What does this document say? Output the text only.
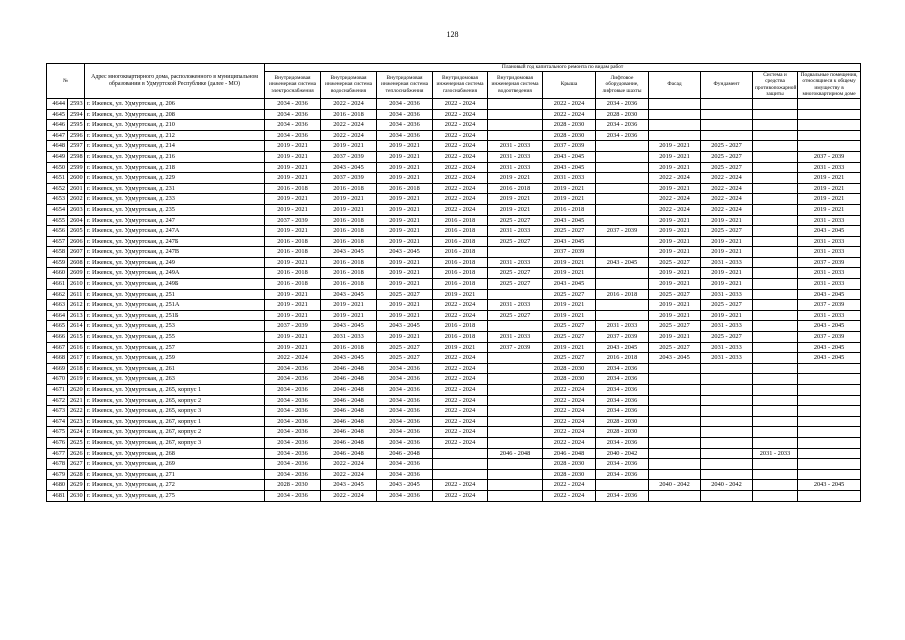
128
№		Адрес многоквартирного дома, расположенного в муниципальном образовании в Удмуртской Республике (далее - МО)	Плановый год капитального ремонта по видам работ										
			Внутридомовая инженерная система электроснабжения	Внутридомовая инженерная система водоснабжения	Внутридомовая инженерная система теплоснабжения	Внутридомовая инженерная система газоснабжения	Внутридомовая инженерная система водоотведения	Крыша	Лифтовое оборудование, лифтовые шахты	Фасад	Фундамент	Система и средства противопожарной защиты	Подвальные помещения, относящиеся к общему имуществу в многоквартирном доме
4644	2593	г. Ижевск, ул. Удмуртская, д. 206	2034 - 2036	2022 - 2024	2034 - 2036	2022 - 2024		2022 - 2024	2034 - 2036				
4645	2594	г. Ижевск, ул. Удмуртская, д. 208	2034 - 2036	2016 - 2018	2034 - 2036	2022 - 2024		2022 - 2024	2028 - 2030				
4646	2595	г. Ижевск, ул. Удмуртская, д. 210	2034 - 2036	2022 - 2024	2034 - 2036	2022 - 2024		2028 - 2030	2034 - 2036				
4647	2596	г. Ижевск, ул. Удмуртская, д. 212	2034 - 2036	2022 - 2024	2034 - 2036	2022 - 2024		2028 - 2030	2034 - 2036				
4648	2597	г. Ижевск, ул. Удмуртская, д. 214	2019 - 2021	2019 - 2021	2019 - 2021	2022 - 2024	2031 - 2033	2037 - 2039		2019 - 2021	2025 - 2027		
4649	2598	г. Ижевск, ул. Удмуртская, д. 216	2019 - 2021	2037 - 2039	2019 - 2021	2022 - 2024	2031 - 2033	2043 - 2045		2019 - 2021	2025 - 2027		2037 - 2039
4650	2599	г. Ижевск, ул. Удмуртская, д. 218	2019 - 2021	2043 - 2045	2019 - 2021	2022 - 2024	2031 - 2033	2043 - 2045		2019 - 2021	2025 - 2027		2031 - 2033
4651	2600	г. Ижевск, ул. Удмуртская, д. 229	2019 - 2021	2037 - 2039	2019 - 2021	2022 - 2024	2019 - 2021	2031 - 2033		2022 - 2024	2022 - 2024		2019 - 2021
4652	2601	г. Ижевск, ул. Удмуртская, д. 231	2016 - 2018	2016 - 2018	2016 - 2018	2022 - 2024	2016 - 2018	2019 - 2021		2019 - 2021	2022 - 2024		2019 - 2021
4653	2602	г. Ижевск, ул. Удмуртская, д. 233	2019 - 2021	2019 - 2021	2019 - 2021	2022 - 2024	2019 - 2021	2019 - 2021		2022 - 2024	2022 - 2024		2019 - 2021
4654	2603	г. Ижевск, ул. Удмуртская, д. 235	2019 - 2021	2019 - 2021	2019 - 2021	2022 - 2024	2019 - 2021	2016 - 2018		2022 - 2024	2022 - 2024		2019 - 2021
4655	2604	г. Ижевск, ул. Удмуртская, д. 247	2037 - 2039	2016 - 2018	2019 - 2021	2016 - 2018	2025 - 2027	2043 - 2045		2019 - 2021	2019 - 2021		2031 - 2033
4656	2605	г. Ижевск, ул. Удмуртская, д. 247А	2019 - 2021	2016 - 2018	2019 - 2021	2016 - 2018	2031 - 2033	2025 - 2027	2037 - 2039	2019 - 2021	2025 - 2027		2043 - 2045
4657	2606	г. Ижевск, ул. Удмуртская, д. 247Б	2016 - 2018	2016 - 2018	2019 - 2021	2016 - 2018	2025 - 2027	2043 - 2045		2019 - 2021	2019 - 2021		2031 - 2033
4658	2607	г. Ижевск, ул. Удмуртская, д. 247В	2016 - 2018	2043 - 2045	2043 - 2045	2016 - 2018		2037 - 2039		2019 - 2021	2019 - 2021		2031 - 2033
4659	2608	г. Ижевск, ул. Удмуртская, д. 249	2019 - 2021	2016 - 2018	2019 - 2021	2016 - 2018	2031 - 2033	2019 - 2021	2043 - 2045	2025 - 2027	2031 - 2033		2037 - 2039
4660	2609	г. Ижевск, ул. Удмуртская, д. 249А	2016 - 2018	2016 - 2018	2019 - 2021	2016 - 2018	2025 - 2027	2019 - 2021		2019 - 2021	2019 - 2021		2031 - 2033
4661	2610	г. Ижевск, ул. Удмуртская, д. 249Б	2016 - 2018	2016 - 2018	2019 - 2021	2016 - 2018	2025 - 2027	2043 - 2045		2019 - 2021	2019 - 2021		2031 - 2033
4662	2611	г. Ижевск, ул. Удмуртская, д. 251	2019 - 2021	2043 - 2045	2025 - 2027	2019 - 2021		2025 - 2027	2016 - 2018	2025 - 2027	2031 - 2033		2043 - 2045
4663	2612	г. Ижевск, ул. Удмуртская, д. 251А	2019 - 2021	2019 - 2021	2019 - 2021	2022 - 2024	2031 - 2033	2019 - 2021		2019 - 2021	2025 - 2027		2037 - 2039
4664	2613	г. Ижевск, ул. Удмуртская, д. 251Б	2019 - 2021	2019 - 2021	2019 - 2021	2022 - 2024	2025 - 2027	2019 - 2021		2019 - 2021	2019 - 2021		2031 - 2033
4665	2614	г. Ижевск, ул. Удмуртская, д. 253	2037 - 2039	2043 - 2045	2043 - 2045	2016 - 2018		2025 - 2027	2031 - 2033	2025 - 2027	2031 - 2033		2043 - 2045
4666	2615	г. Ижевск, ул. Удмуртская, д. 255	2019 - 2021	2031 - 2033	2019 - 2021	2016 - 2018	2031 - 2033	2025 - 2027	2037 - 2039	2019 - 2021	2025 - 2027		2037 - 2039
4667	2616	г. Ижевск, ул. Удмуртская, д. 257	2019 - 2021	2016 - 2018	2025 - 2027	2019 - 2021	2037 - 2039	2019 - 2021	2043 - 2045	2025 - 2027	2031 - 2033		2043 - 2045
4668	2617	г. Ижевск, ул. Удмуртская, д. 259	2022 - 2024	2043 - 2045	2025 - 2027	2022 - 2024		2025 - 2027	2016 - 2018	2043 - 2045	2031 - 2033		2043 - 2045
4669	2618	г. Ижевск, ул. Удмуртская, д. 261	2034 - 2036	2046 - 2048	2034 - 2036	2022 - 2024		2028 - 2030	2034 - 2036				
4670	2619	г. Ижевск, ул. Удмуртская, д. 263	2034 - 2036	2046 - 2048	2034 - 2036	2022 - 2024		2028 - 2030	2034 - 2036				
4671	2620	г. Ижевск, ул. Удмуртская, д. 265, корпус 1	2034 - 2036	2046 - 2048	2034 - 2036	2022 - 2024		2022 - 2024	2034 - 2036				
4672	2621	г. Ижевск, ул. Удмуртская, д. 265, корпус 2	2034 - 2036	2046 - 2048	2034 - 2036	2022 - 2024		2022 - 2024	2034 - 2036				
4673	2622	г. Ижевск, ул. Удмуртская, д. 265, корпус 3	2034 - 2036	2046 - 2048	2034 - 2036	2022 - 2024		2022 - 2024	2034 - 2036				
4674	2623	г. Ижевск, ул. Удмуртская, д. 267, корпус 1	2034 - 2036	2046 - 2048	2034 - 2036	2022 - 2024		2022 - 2024	2028 - 2030				
4675	2624	г. Ижевск, ул. Удмуртская, д. 267, корпус 2	2034 - 2036	2046 - 2048	2034 - 2036	2022 - 2024		2022 - 2024	2028 - 2030				
4676	2625	г. Ижевск, ул. Удмуртская, д. 267, корпус 3	2034 - 2036	2046 - 2048	2034 - 2036	2022 - 2024		2022 - 2024	2034 - 2036				
4677	2626	г. Ижевск, ул. Удмуртская, д. 268	2034 - 2036	2046 - 2048	2046 - 2048		2046 - 2048	2046 - 2048	2040 - 2042			2031 - 2033	
4678	2627	г. Ижевск, ул. Удмуртская, д. 269	2034 - 2036	2022 - 2024	2034 - 2036			2028 - 2030	2034 - 2036				
4679	2628	г. Ижевск, ул. Удмуртская, д. 271	2034 - 2036	2022 - 2024	2034 - 2036			2028 - 2030	2034 - 2036				
4680	2629	г. Ижевск, ул. Удмуртская, д. 272	2028 - 2030	2043 - 2045	2043 - 2045	2022 - 2024		2022 - 2024		2040 - 2042	2040 - 2042		2043 - 2045
4681	2630	г. Ижевск, ул. Удмуртская, д. 275	2034 - 2036	2022 - 2024	2034 - 2036	2022 - 2024		2022 - 2024	2034 - 2036				
